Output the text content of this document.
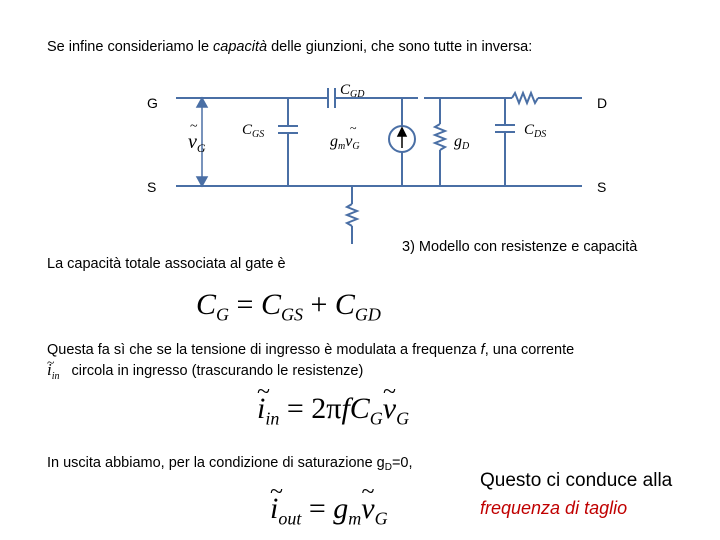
Se infine consideriamo le capacità delle giunzioni, che sono tutte in inversa:
$C_{GD}$
$C_{GS}$	gmvG
~
gD
$C_{DS}$
$v_G$
~
G	D
S	S
La capacità totale associata al gate è
3) Modello con resistenze e capacità
$C_G = C_{GS} + C_{GD}$
Questa fa sì che se la tensione di ingresso è modulata a frequenza f, una corrente
~ $i_{in}$ circola in ingresso (trascurando le resistenze)
~ $i_{in}$ = 2πfC$_G$~ $v_G$
In uscita abbiamo, per la condizione di saturazione $g_D=0$,
~ $i_{out}$ = $g_m\sim$ $v_G$
Questo ci conduce alla
frequenza di taglio
